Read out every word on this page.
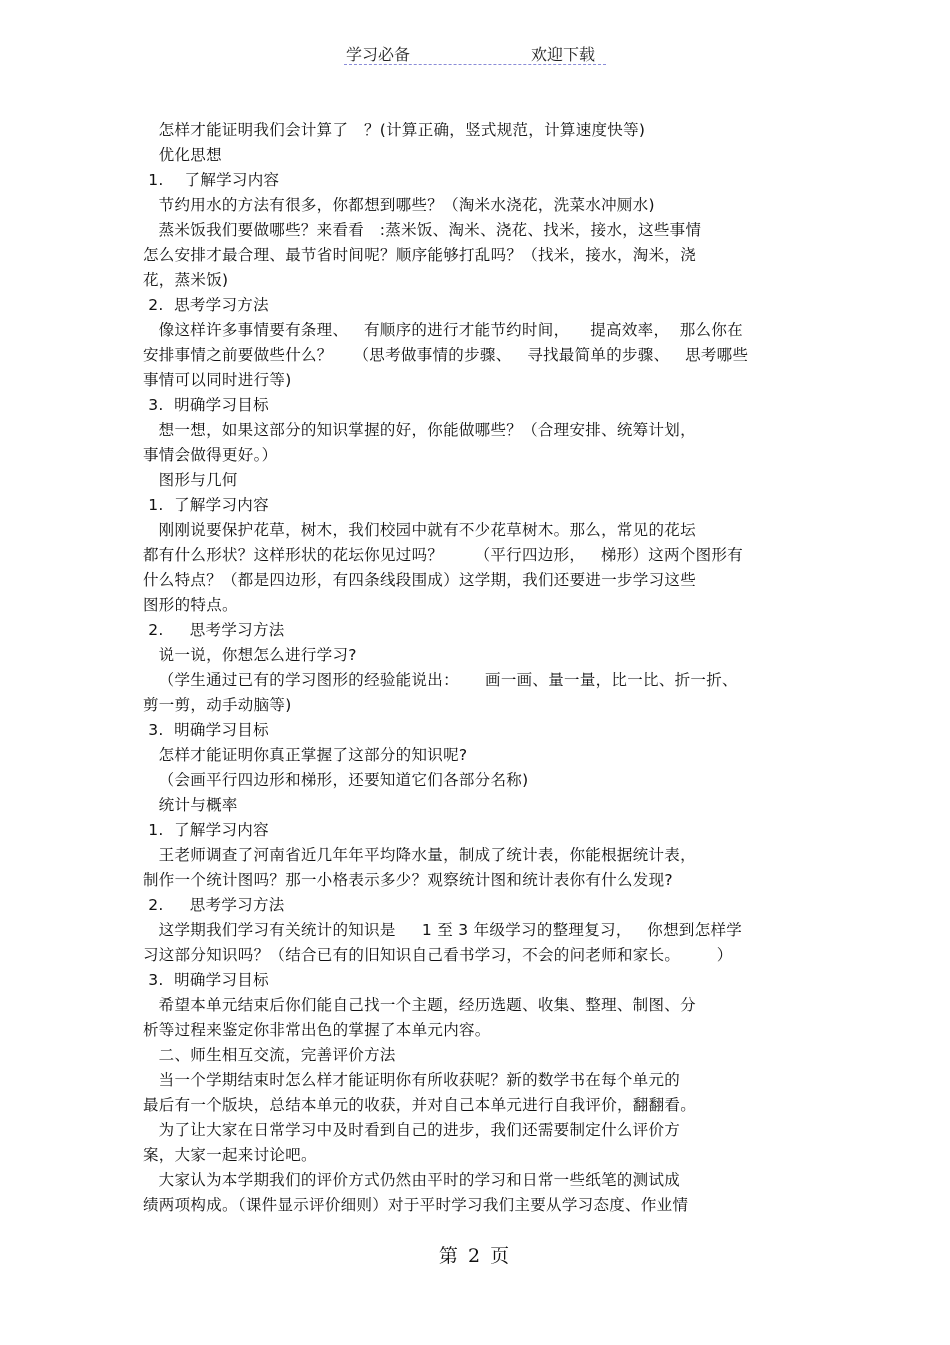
学习必备	欢迎下载
怎样才能证明我们会计算了   ？(计算正确，竖式规范，计算速度快等)
优化思想
1.    了解学习内容
节约用水的方法有很多，你都想到哪些？（淘米水浇花，洗菜水冲厕水)
蒸米饭我们要做哪些？来看看   :蒸米饭、淘米、浇花、找米，接水，这些事情
怎么安排才最合理、最节省时间呢？顺序能够打乱吗？（找米，接水，淘米，浇
花，蒸米饭)
2.  思考学习方法
像这样许多事情要有条理、   有顺序的进行才能节约时间，    提高效率，  那么你在
安排事情之前要做些什么？    （思考做事情的步骤、   寻找最简单的步骤、   思考哪些
事情可以同时进行等)
3.  明确学习目标
想一想，如果这部分的知识掌握的好，你能做哪些？（合理安排、统筹计划，
事情会做得更好。）
图形与几何
1.  了解学习内容
刚刚说要保护花草，树木，我们校园中就有不少花草树木。那么，常见的花坛
都有什么形状？这样形状的花坛你见过吗？      （平行四边形，   梯形）这两个图形有
什么特点？（都是四边形，有四条线段围成）这学期，我们还要进一步学习这些
图形的特点。
2.     思考学习方法
说一说，你想怎么进行学习?
（学生通过已有的学习图形的经验能说出：     画一画、量一量，比一比、折一折、
剪一剪，动手动脑等)
3.  明确学习目标
怎样才能证明你真正掌握了这部分的知识呢?
（会画平行四边形和梯形，还要知道它们各部分名称)
统计与概率
1.  了解学习内容
王老师调查了河南省近几年年平均降水量，制成了统计表，你能根据统计表，
制作一个统计图吗？那一小格表示多少？观察统计图和统计表你有什么发现?
2.     思考学习方法
这学期我们学习有关统计的知识是     1 至 3 年级学习的整理复习，   你想到怎样学
习这部分知识吗？（结合已有的旧知识自己看书学习，不会的问老师和家长。       ）
3.  明确学习目标
希望本单元结束后你们能自己找一个主题，经历选题、收集、整理、制图、分
析等过程来鉴定你非常出色的掌握了本单元内容。
二、师生相互交流，完善评价方法
当一个学期结束时怎么样才能证明你有所收获呢？新的数学书在每个单元的
最后有一个版块，总结本单元的收获，并对自己本单元进行自我评价，翻翻看。
为了让大家在日常学习中及时看到自己的进步，我们还需要制定什么评价方
案，大家一起来讨论吧。
大家认为本学期我们的评价方式仍然由平时的学习和日常一些纸笔的测试成
绩两项构成。（课件显示评价细则）对于平时学习我们主要从学习态度、作业情
第 2 页
